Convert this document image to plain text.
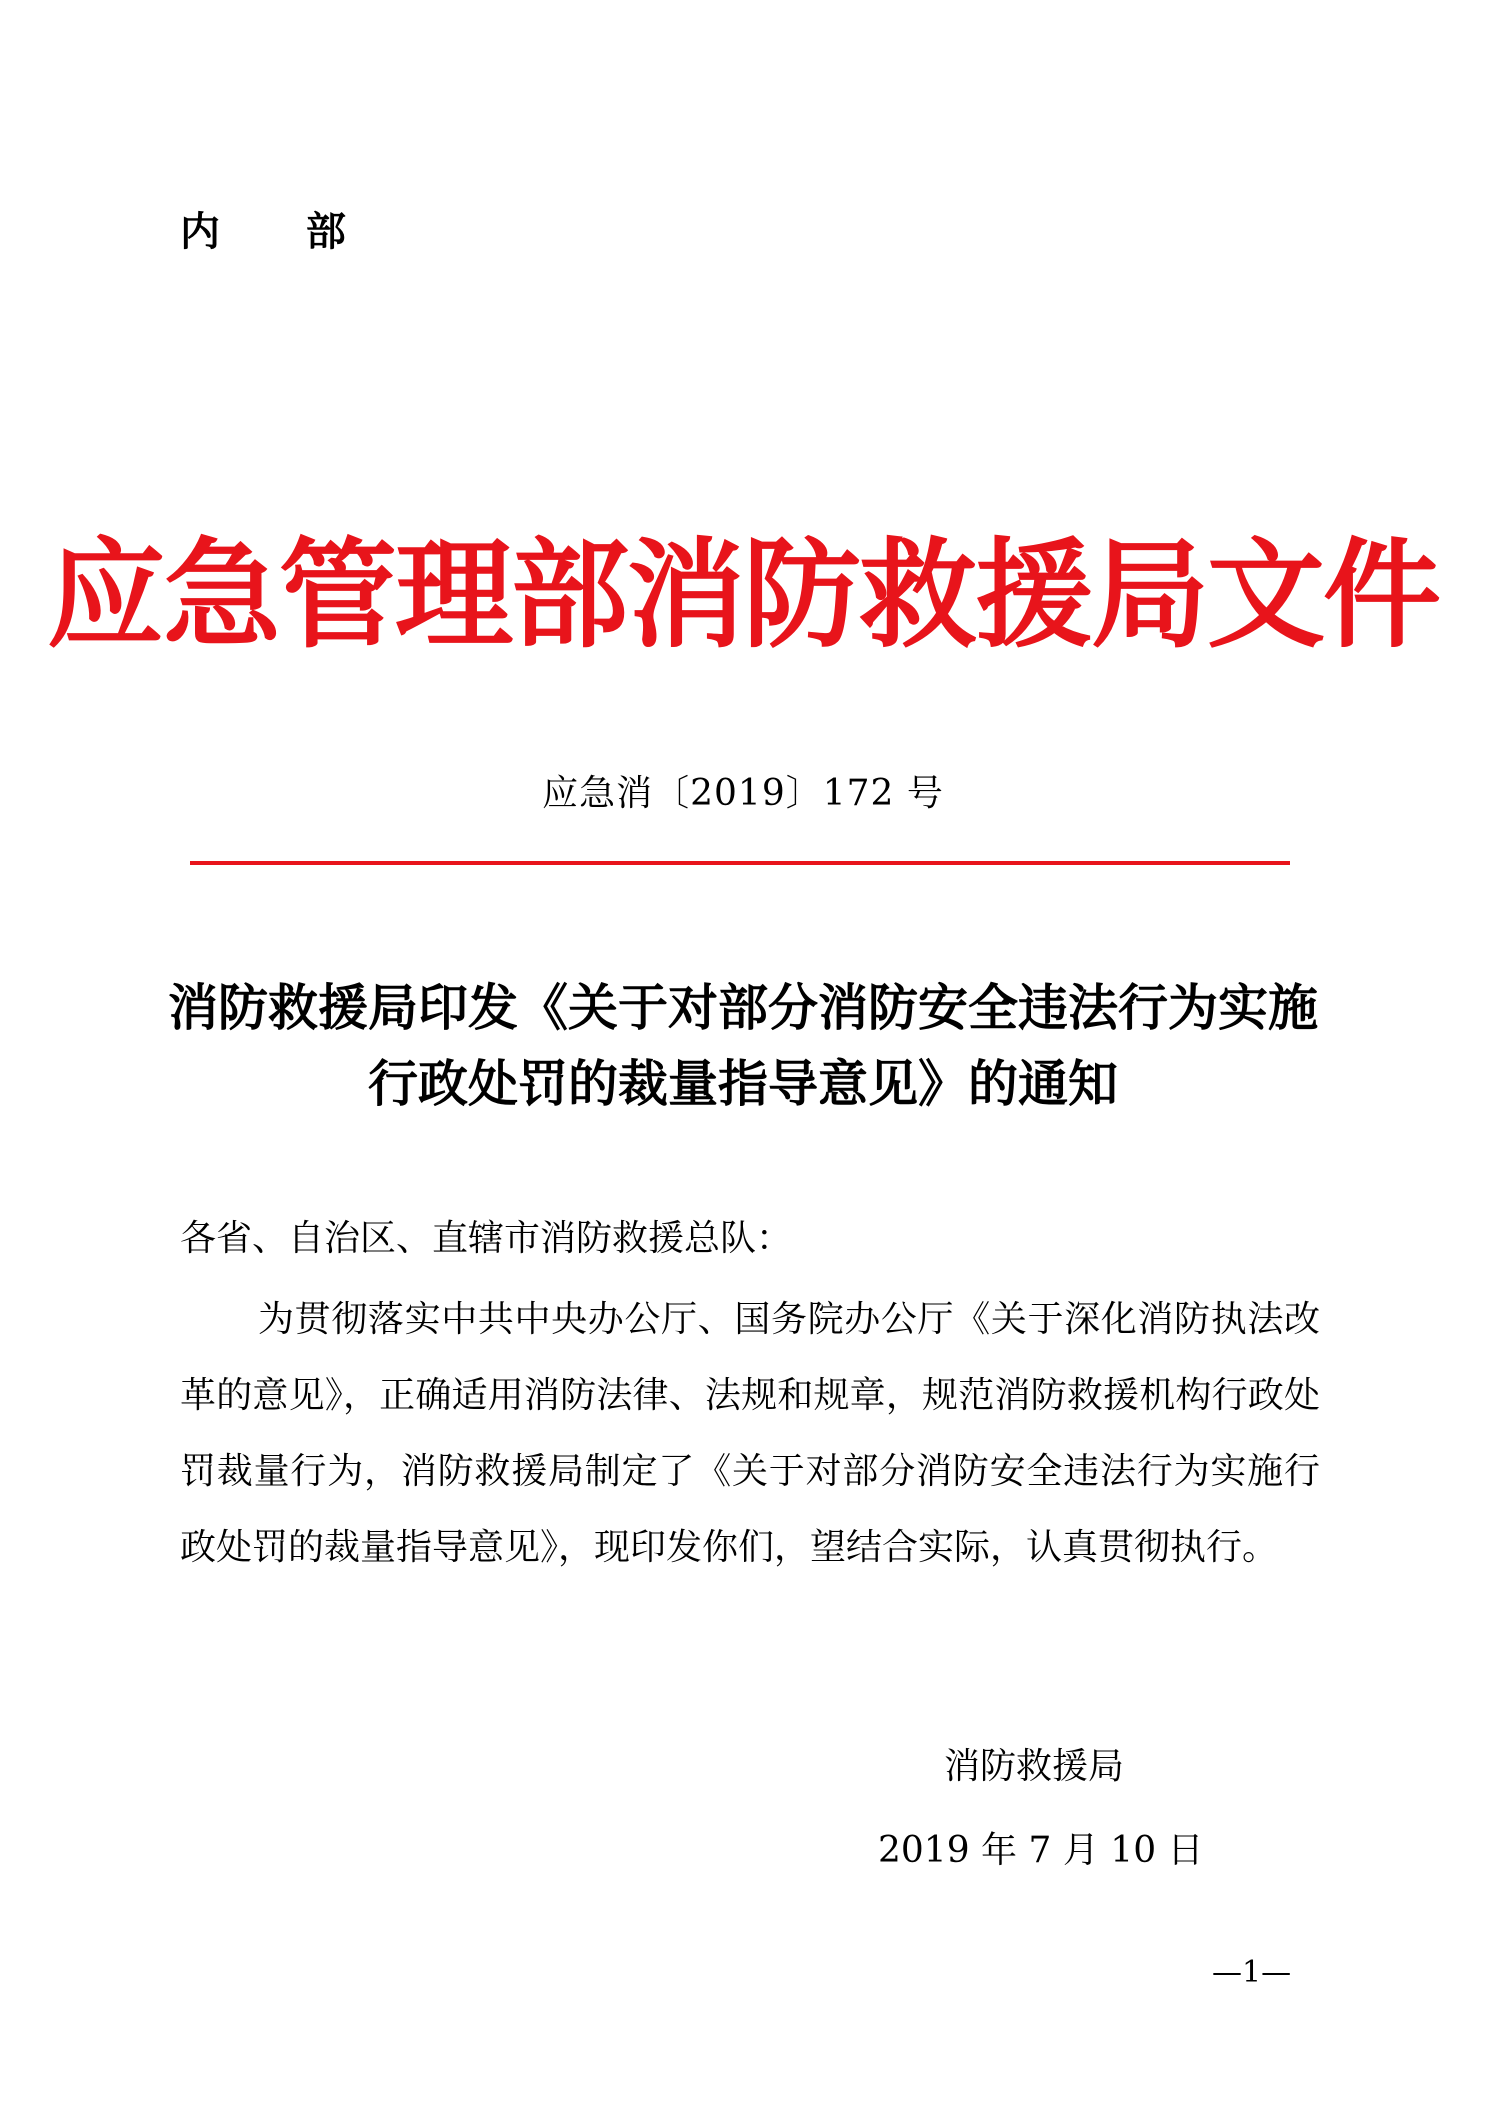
内 部
应急管理部消防救援局文件
应急消〔2019〕172 号
消防救援局印发《关于对部分消防安全违法行为实施行政处罚的裁量指导意见》的通知
各省、自治区、直辖市消防救援总队：
为贯彻落实中共中央办公厅、国务院办公厅《关于深化消防执法改革的意见》，正确适用消防法律、法规和规章，规范消防救援机构行政处罚裁量行为，消防救援局制定了《关于对部分消防安全违法行为实施行政处罚的裁量指导意见》，现印发你们，望结合实际，认真贯彻执行。
消防救援局
2019 年 7 月 10 日
—1—
